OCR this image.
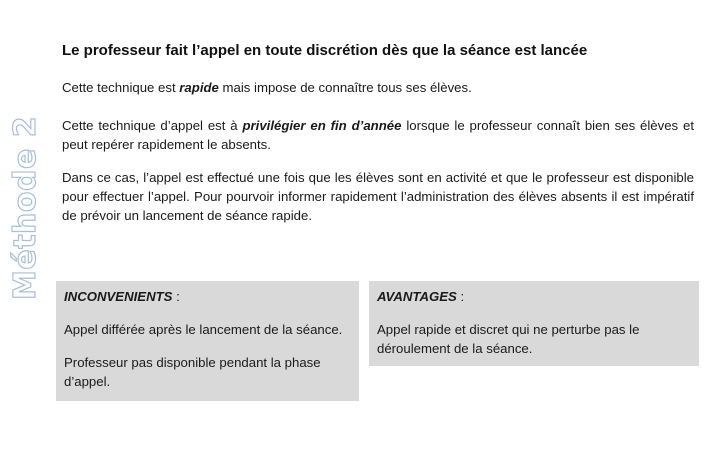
Méthode 2
Le professeur fait l’appel en toute discrétion dès que la séance est lancée
Cette technique est rapide mais impose de connaître tous ses élèves.
Cette technique d’appel est à privilégier en fin d’année lorsque le professeur connaît bien ses élèves et peut repérer rapidement le absents.
Dans ce cas, l’appel est effectué une fois que les élèves sont en activité et que le professeur est disponible pour effectuer l’appel. Pour pourvoir informer rapidement l’administration des élèves absents il est impératif de prévoir un lancement de séance rapide.
INCONVENIENTS :

Appel différée après le lancement de la séance.

Professeur pas disponible pendant la phase d’appel.

AVANTAGES :

Appel rapide et discret qui ne perturbe pas le déroulement de la séance.
